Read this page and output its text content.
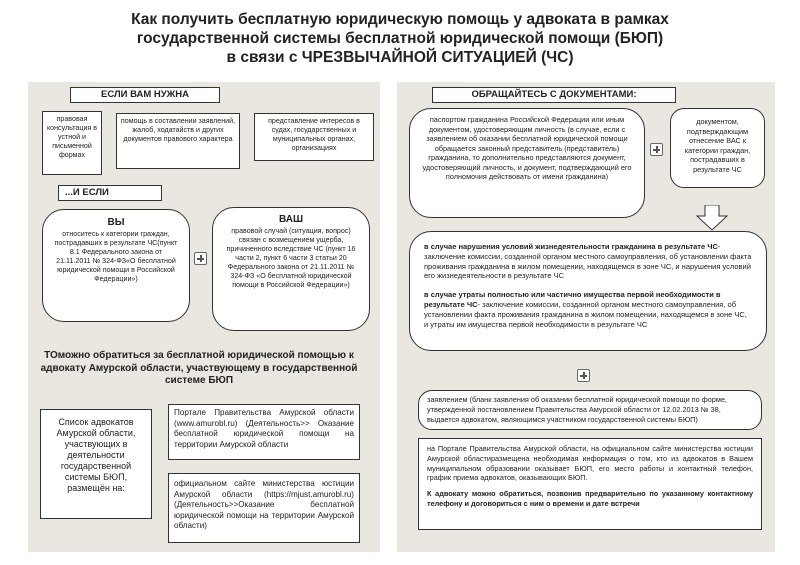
Как получить бесплатную юридическую помощь у адвоката в рамках
государственной системы бесплатной юридической помощи (БЮП)
в связи с ЧРЕЗВЫЧАЙНОЙ СИТУАЦИЕЙ (ЧС)
ЕСЛИ ВАМ НУЖНА
правовая консультация в устной и письменной формах
помощь в составлении заявлений, жалоб, ходатайств и других документов правового характера
представление интересов в судах, государственных и муниципальных органах, организациях
...И ЕСЛИ
ВЫ
относитесь к категории граждан, пострадавших в результате ЧС(пункт 8.1 Федерального закона от 21.11.2011 № 324-ФЗ«О бесплатной юридической помощи в Российской Федерации»)
ВАШ
правовой случай (ситуация, вопрос) связан с возмещением ущерба, причиненного вследствие ЧС (пункт 16 части 2, пункт 6 части 3 статьи 20 Федерального закона от 21.11.2011 № 324-ФЗ «О бесплатной юридической помощи в Российской Федерации»)
ТОможно обратиться за бесплатной юридической помощью к адвокату Амурской области, участвующему в государственной системе БЮП
Список адвокатов Амурской области, участвующих в деятельности государственной системы БЮП, размещён на:
Портале Правительства Амурской области (www.amurobl.ru) (Деятельность>> Оказание бесплатной юридической помощи на территории Амурской области
официальном сайте министерства юстиции Амурской области (https://mjust.amurobl.ru) (Деятельность>>Оказание бесплатной юридической помощи на территории Амурской области)
ОБРАЩАЙТЕСЬ С ДОКУМЕНТАМИ:
паспортом гражданина Российской Федерации или иным документом, удостоверяющим личность (в случае, если с заявлением об оказании бесплатной юридической помощи обращается законный представитель (представитель) гражданина, то дополнительно представляются документ, удостоверяющий личность, и документ, подтверждающий его полномочия действовать от имени гражданина)
документом, подтверждающим отнесение ВАС к категории граждан, пострадавших в результате ЧС
в случае нарушения условий жизнедеятельности гражданина в результате ЧС- заключение комиссии, созданной органом местного самоуправления, об установлении факта проживания гражданина в жилом помещении, находящемся в зоне ЧС, и нарушения условий его жизнедеятельности в результате ЧС
в случае утраты полностью или частично имущества первой необходимости в результате ЧС- заключение комиссии, созданной органом местного самоуправления, об установлении факта проживания гражданина в жилом помещении, находящемся в зоне ЧС, и утраты им имущества первой необходимости в результате ЧС
заявлением (бланк заявления об оказании бесплатной юридической помощи по форме, утвержденной постановлением Правительства Амурской области от 12.02.2013 № 38, выдается адвокатом, являющимся участником государственной системы БЮП)
на Портале Правительства Амурской области, на официальном сайте министерства юстиции Амурской областиразмещена необходимая информация о том, кто из адвокатов в Вашем муниципальном образовании оказывает БЮП, его место работы и контактный телефон, график приема адвокатов, оказывающих БЮП.
К адвокату можно обратиться, позвонив предварительно по указанному контактному телефону и договориться с ним о времени и дате встречи
